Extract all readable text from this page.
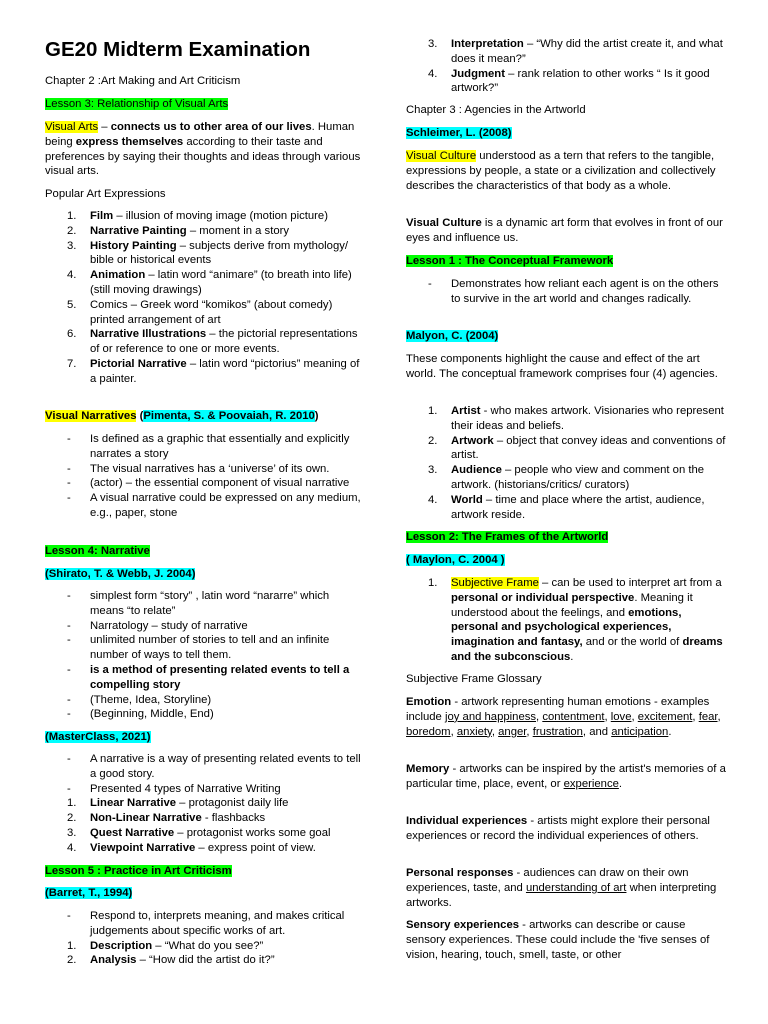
GE20 Midterm Examination

Chapter 2 :Art Making and Art Criticism

Lesson 3: Relationship of Visual Arts

Visual Arts – connects us to other area of our lives. Human being express themselves according to their taste and preferences by saying their thoughts and ideas through various visual arts.

Popular Art Expressions

1. Film – illusion of moving image (motion picture)
2. Narrative Painting – moment in a story
3. History Painting – subjects derive from mythology/ bible or historical events
4. Animation – latin word “animare” (to breath into life) (still moving drawings)
5. Comics – Greek word “komikos” (about comedy) printed arrangement of art
6. Narrative Illustrations – the pictorial representations of or reference to one or more events.
7. Pictorial Narrative – latin word “pictorius” meaning of a painter.

Visual Narratives (Pimenta, S. & Poovaiah, R. 2010)

- Is defined as a graphic that essentially and explicitly narrates a story
- The visual narratives has a ‘universe’ of its own.
- (actor) – the essential component of visual narrative
- A visual narrative could be expressed on any medium, e.g., paper, stone

Lesson 4: Narrative

(Shirato, T. & Webb, J. 2004)

- simplest form “story” , latin word “nararre” which means “to relate”
- Narratology – study of narrative
- unlimited number of stories to tell and an infinite number of ways to tell them.
- is a method of presenting related events to tell a compelling story
- (Theme, Idea, Storyline)
- (Beginning, Middle, End)

(MasterClass, 2021)

- A narrative is a way of presenting related events to tell a good story.
- Presented 4 types of Narrative Writing
1. Linear Narrative – protagonist daily life
2. Non-Linear Narrative - flashbacks
3. Quest Narrative – protagonist works some goal
4. Viewpoint Narrative – express point of view.

Lesson 5 : Practice in Art Criticism

(Barret, T., 1994)

- Respond to, interprets meaning, and makes critical judgements about specific works of art.
1. Description – “What do you see?”
2. Analysis – “How did the artist do it?”
3. Interpretation – “Why did the artist create it, and what does it mean?”
4. Judgment – rank relation to other works “ Is it good artwork?”

Chapter 3 : Agencies in the Artworld

Schleimer, L. (2008)

Visual Culture understood as a tern that refers to the tangible, expressions by people, a state or a civilization and collectively describes the characteristics of that body as a whole.

Visual Culture is a dynamic art form that evolves in front of our eyes and influence us.

Lesson 1 : The Conceptual Framework

- Demonstrates how reliant each agent is on the others to survive in the art world and changes radically.

Malyon, C. (2004)

These components highlight the cause and effect of the art world. The conceptual framework comprises four (4) agencies.

1. Artist - who makes artwork. Visionaries who represent their ideas and beliefs.
2. Artwork – object that convey ideas and conventions of artist.
3. Audience – people who view and comment on the artwork. (historians/critics/ curators)
4. World – time and place where the artist, audience, artwork reside.

Lesson 2: The Frames of the Artworld

( Maylon, C. 2004 )

1. Subjective Frame – can be used to interpret art from a personal or individual perspective. Meaning it understood about the feelings, and emotions, personal and psychological experiences, imagination and fantasy, and or the world of dreams and the subconscious.

Subjective Frame Glossary

Emotion - artwork representing human emotions - examples include joy and happiness, contentment, love, excitement, fear, boredom, anxiety, anger, frustration, and anticipation.

Memory - artworks can be inspired by the artist's memories of a particular time, place, event, or experience.

Individual experiences - artists might explore their personal experiences or record the individual experiences of others.

Personal responses - audiences can draw on their own experiences, taste, and understanding of art when interpreting artworks.

Sensory experiences - artworks can describe or cause sensory experiences. These could include the 'five senses of vision, hearing, touch, smell, taste, or other
